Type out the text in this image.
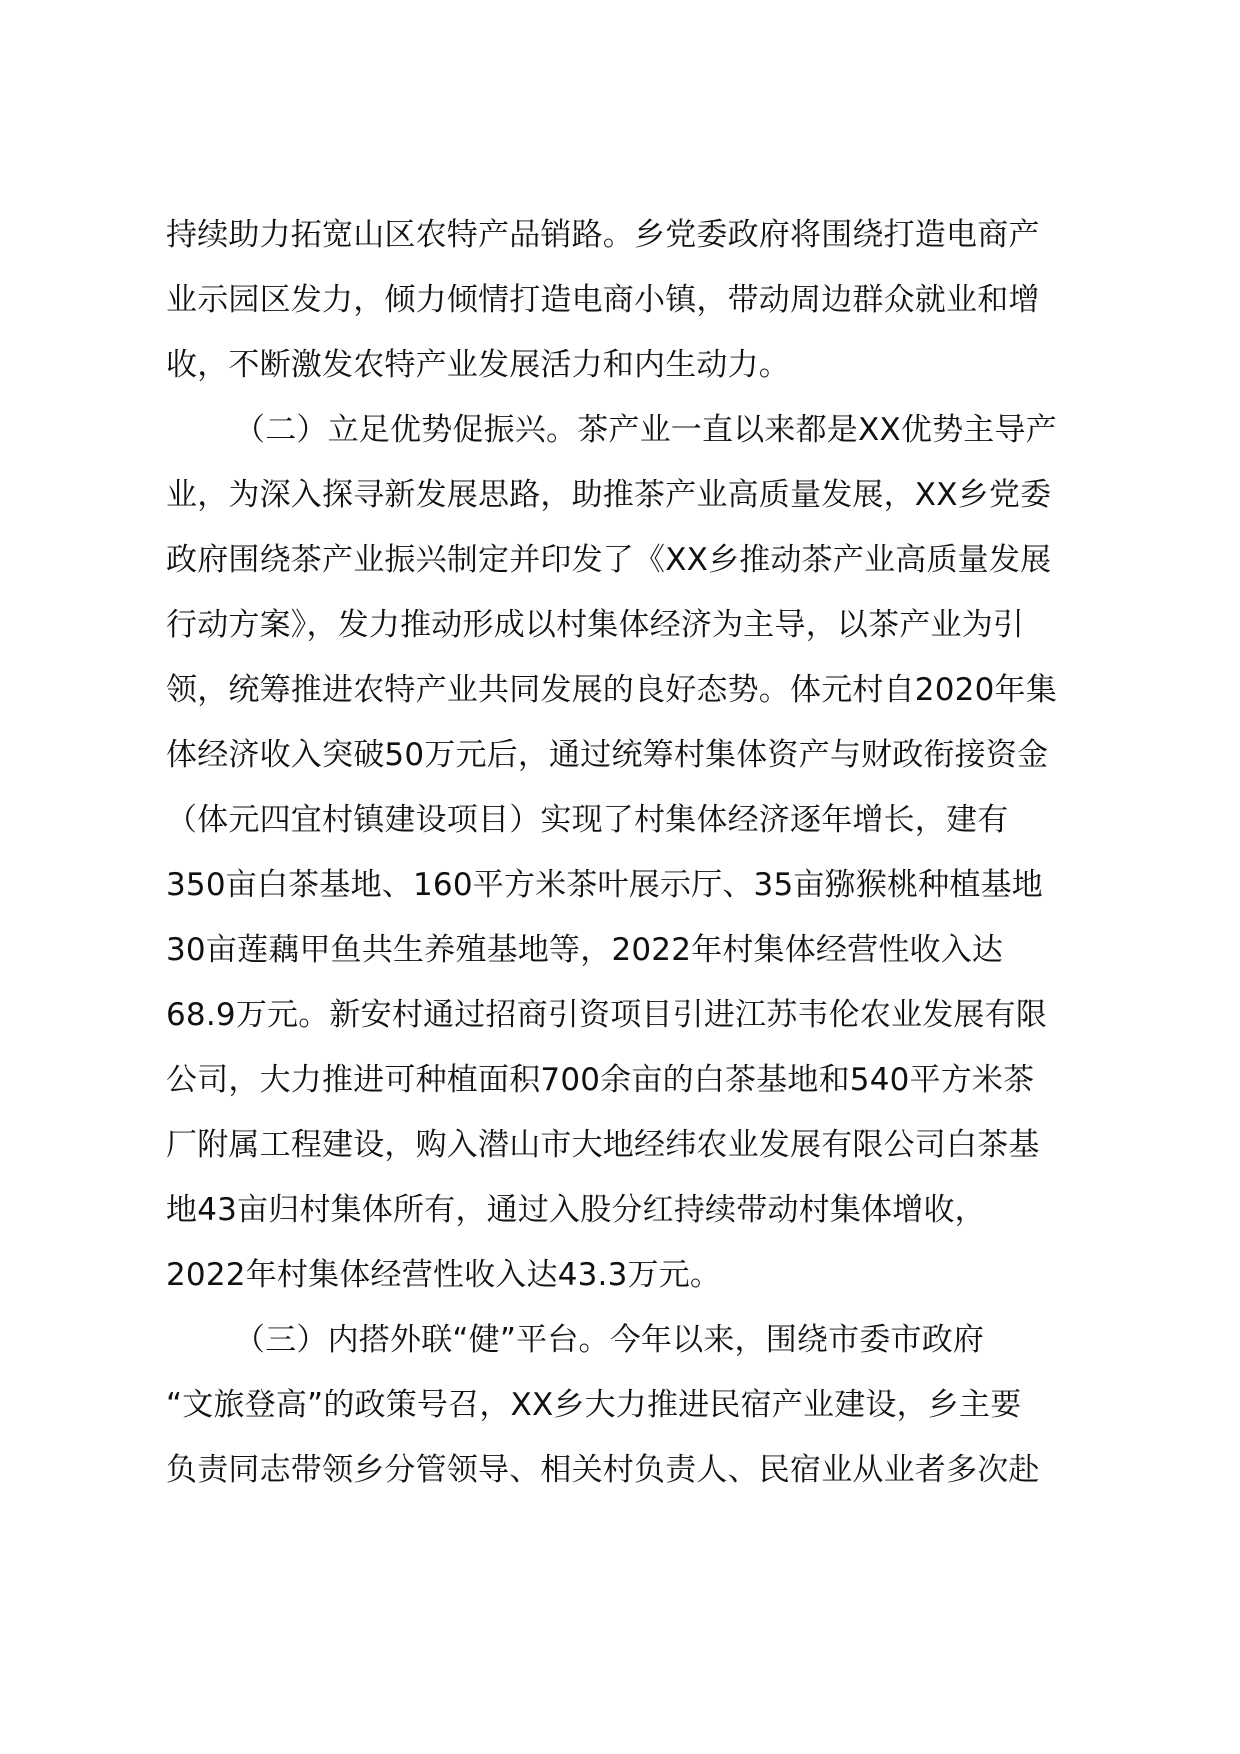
持续助力拓宽山区农特产品销路。乡党委政府将围绕打造电商产
业示园区发力，倾力倾情打造电商小镇，带动周边群众就业和增
收，不断激发农特产业发展活力和内生动力。
（二）立足优势促振兴。茶产业一直以来都是XX优势主导产
业，为深入探寻新发展思路，助推茶产业高质量发展，XX乡党委
政府围绕茶产业振兴制定并印发了《XX乡推动茶产业高质量发展
行动方案》，发力推动形成以村集体经济为主导，以茶产业为引
领，统筹推进农特产业共同发展的良好态势。体元村自2020年集
体经济收入突破50万元后，通过统筹村集体资产与财政衔接资金
（体元四宜村镇建设项目）实现了村集体经济逐年增长，建有
350亩白茶基地、160平方米茶叶展示厅、35亩猕猴桃种植基地
30亩莲藕甲鱼共生养殖基地等，2022年村集体经营性收入达
68.9万元。新安村通过招商引资项目引进江苏韦伦农业发展有限
公司，大力推进可种植面积700余亩的白茶基地和540平方米茶
厂附属工程建设，购入潜山市大地经纬农业发展有限公司白茶基
地43亩归村集体所有，通过入股分红持续带动村集体增收，
2022年村集体经营性收入达43.3万元。
（三）内搭外联“健”平台。今年以来，围绕市委市政府
“文旅登高”的政策号召，XX乡大力推进民宿产业建设，乡主要
负责同志带领乡分管领导、相关村负责人、民宿业从业者多次赴
